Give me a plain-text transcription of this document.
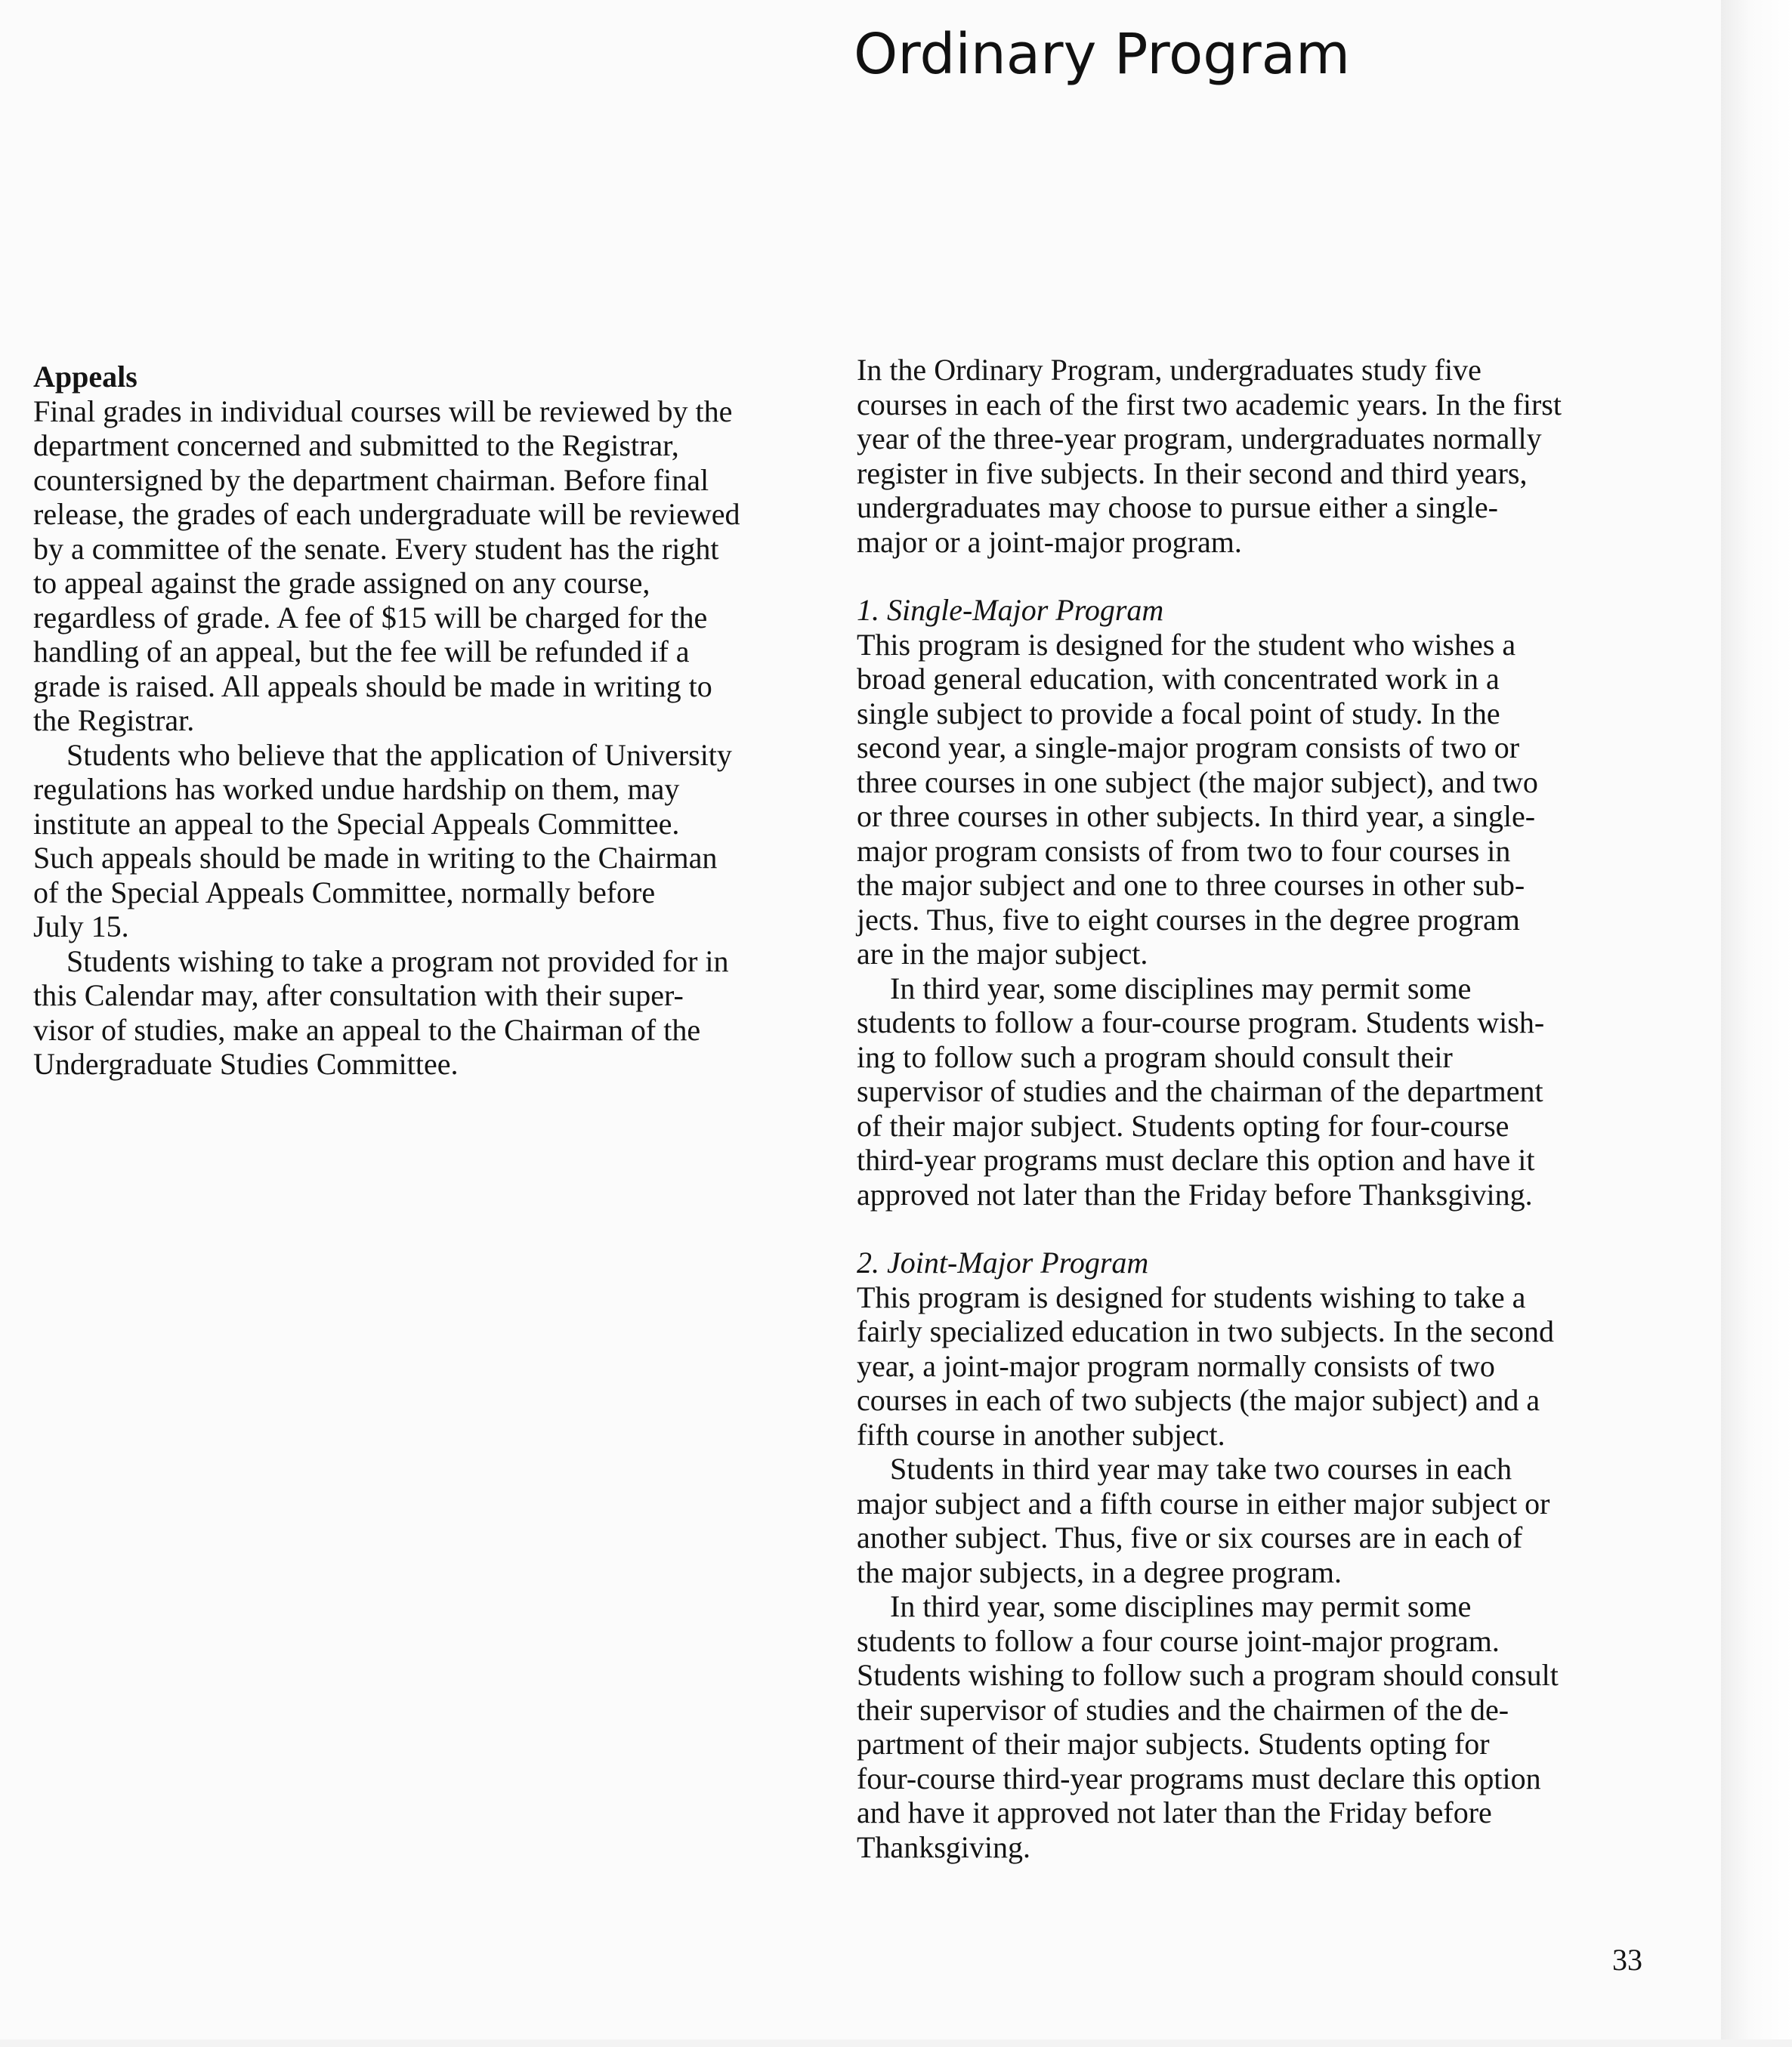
Ordinary Program
Appeals
Final grades in individual courses will be reviewed by the
department concerned and submitted to the Registrar,
countersigned by the department chairman. Before final
release, the grades of each undergraduate will be reviewed
by a committee of the senate. Every student has the right
to appeal against the grade assigned on any course,
regardless of grade. A fee of $15 will be charged for the
handling of an appeal, but the fee will be refunded if a
grade is raised. All appeals should be made in writing to
the Registrar.
Students who believe that the application of University
regulations has worked undue hardship on them, may
institute an appeal to the Special Appeals Committee.
Such appeals should be made in writing to the Chairman
of the Special Appeals Committee, normally before
July 15.
Students wishing to take a program not provided for in
this Calendar may, after consultation with their super-
visor of studies, make an appeal to the Chairman of the
Undergraduate Studies Committee.
In the Ordinary Program, undergraduates study five
courses in each of the first two academic years. In the first
year of the three-year program, undergraduates normally
register in five subjects. In their second and third years,
undergraduates may choose to pursue either a single-
major or a joint-major program.
1. Single-Major Program
This program is designed for the student who wishes a
broad general education, with concentrated work in a
single subject to provide a focal point of study. In the
second year, a single-major program consists of two or
three courses in one subject (the major subject), and two
or three courses in other subjects. In third year, a single-
major program consists of from two to four courses in
the major subject and one to three courses in other sub-
jects. Thus, five to eight courses in the degree program
are in the major subject.
In third year, some disciplines may permit some
students to follow a four-course program. Students wish-
ing to follow such a program should consult their
supervisor of studies and the chairman of the department
of their major subject. Students opting for four-course
third-year programs must declare this option and have it
approved not later than the Friday before Thanksgiving.
2. Joint-Major Program
This program is designed for students wishing to take a
fairly specialized education in two subjects. In the second
year, a joint-major program normally consists of two
courses in each of two subjects (the major subject) and a
fifth course in another subject.
Students in third year may take two courses in each
major subject and a fifth course in either major subject or
another subject. Thus, five or six courses are in each of
the major subjects, in a degree program.
In third year, some disciplines may permit some
students to follow a four course joint-major program.
Students wishing to follow such a program should consult
their supervisor of studies and the chairmen of the de-
partment of their major subjects. Students opting for
four-course third-year programs must declare this option
and have it approved not later than the Friday before
Thanksgiving.
33
